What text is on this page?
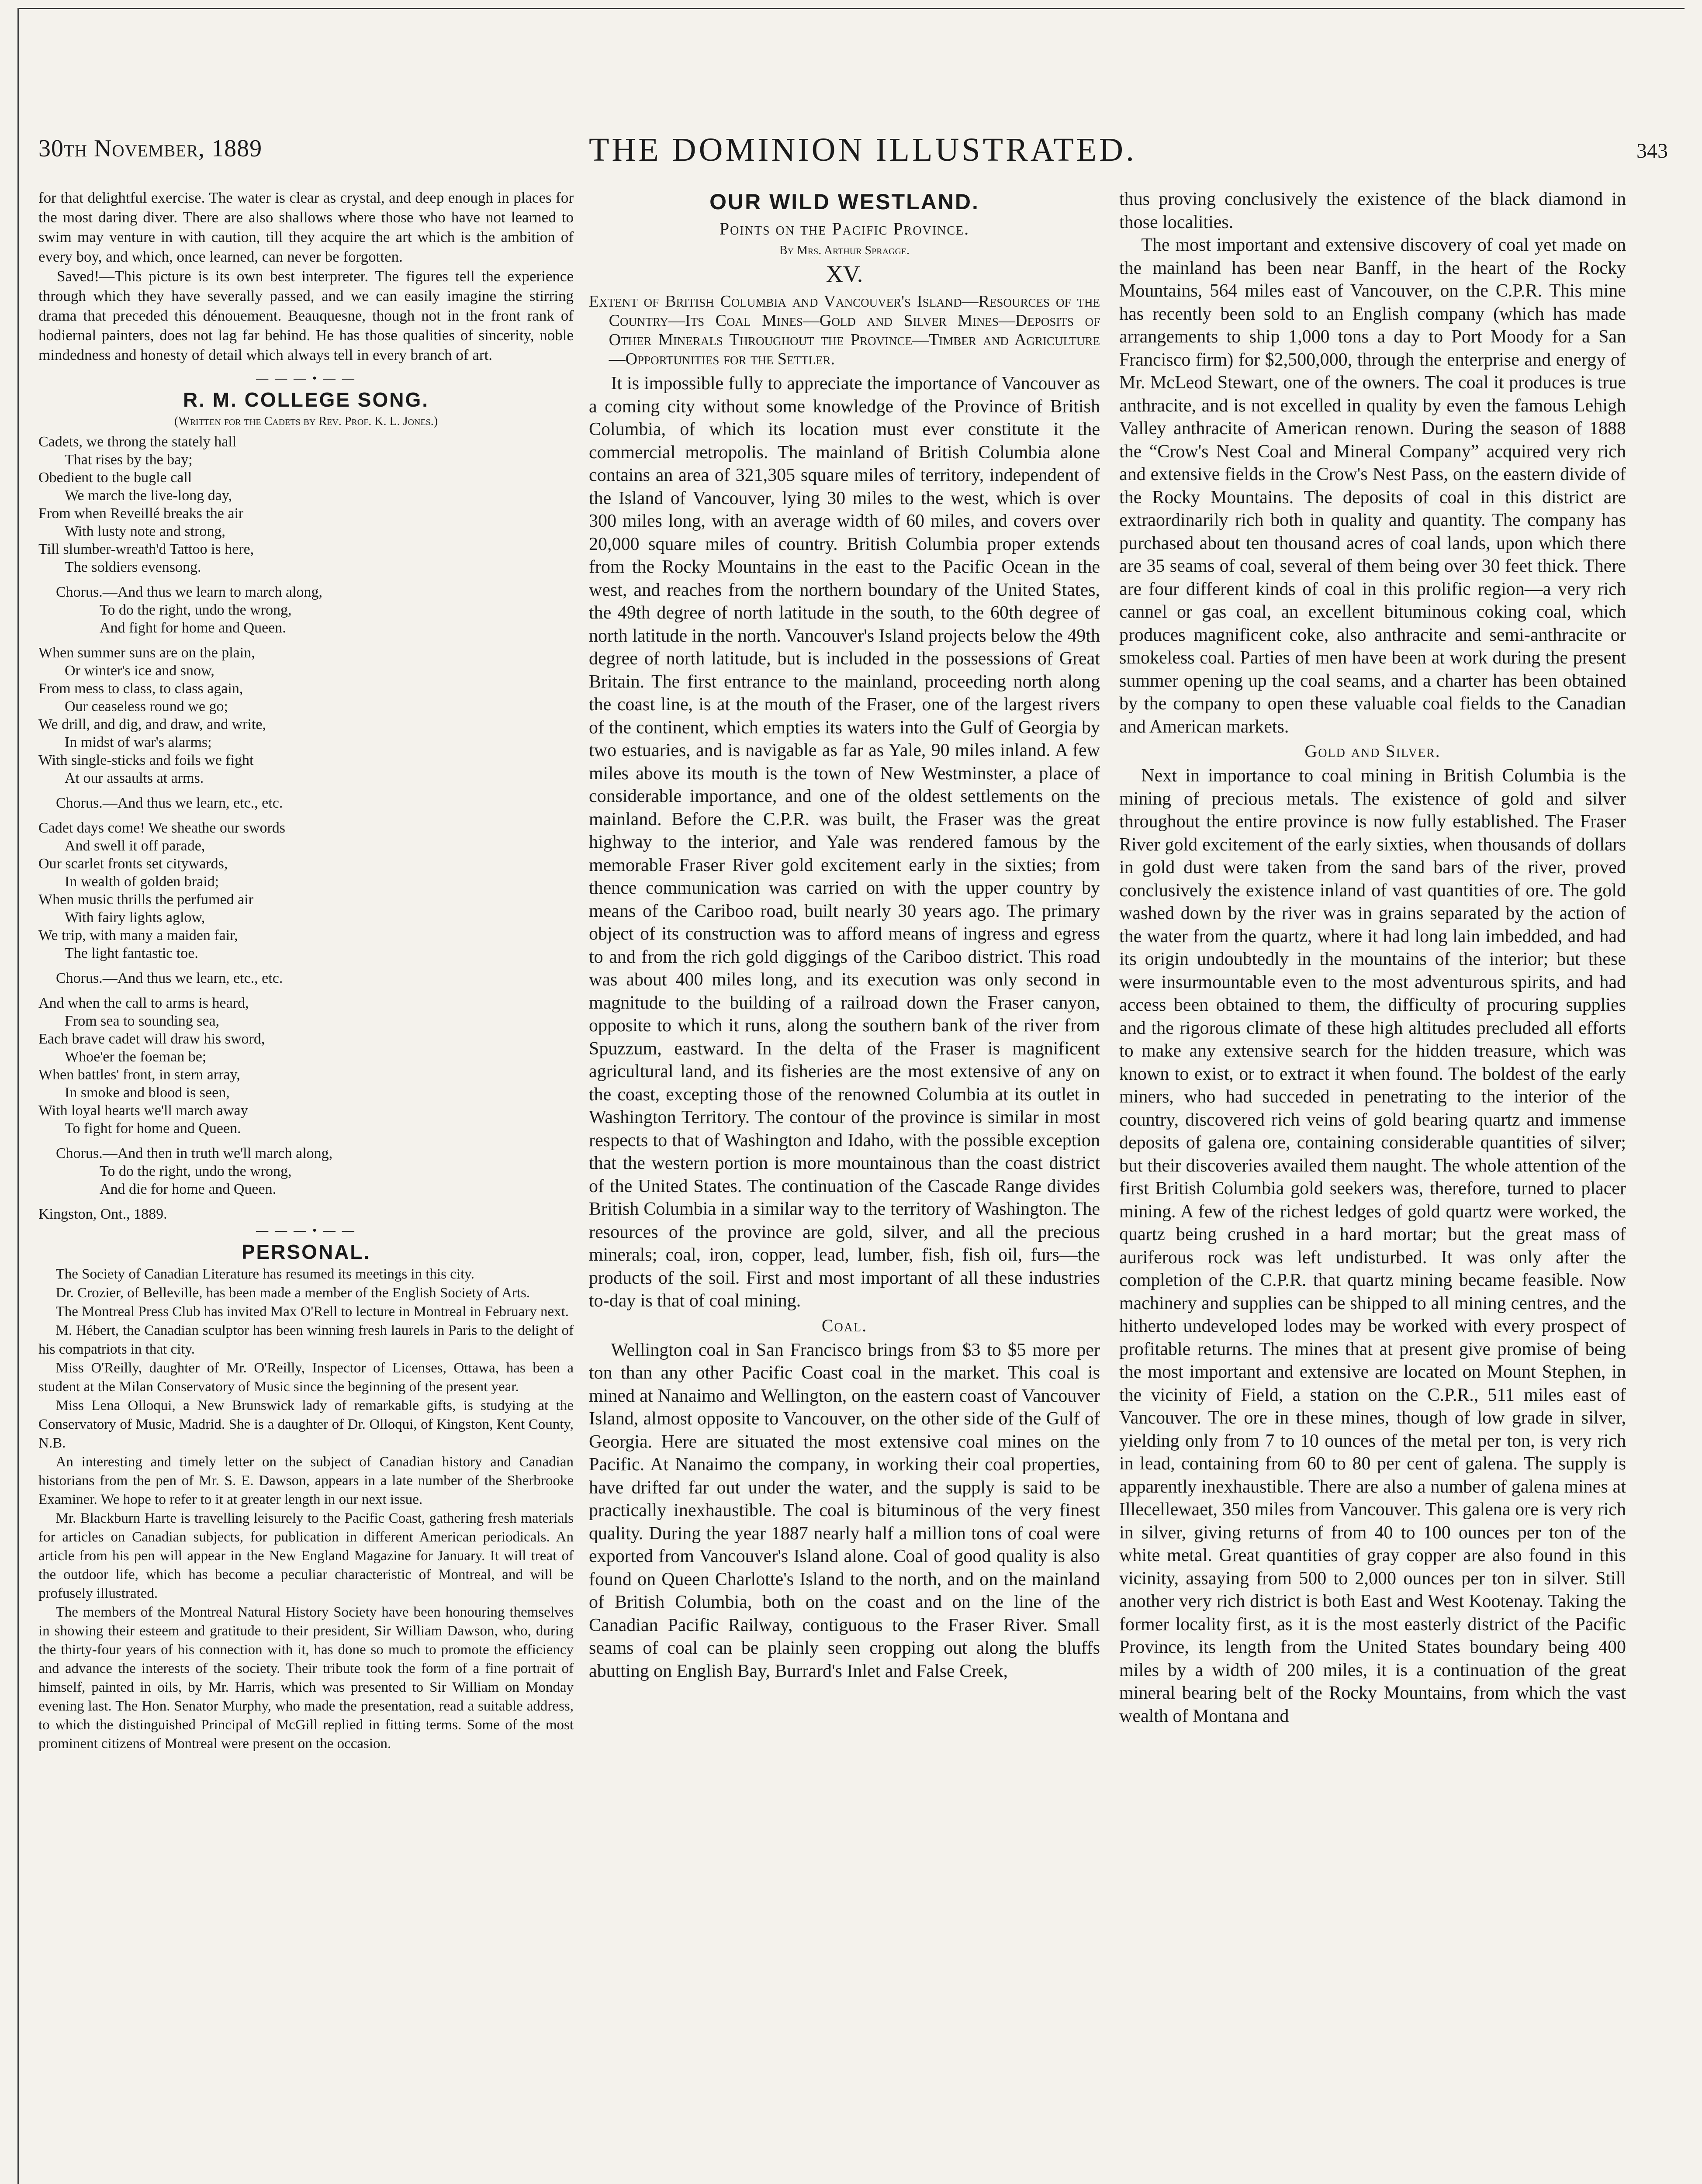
30th November, 1889	THE DOMINION ILLUSTRATED.	343

for that delightful exercise. The water is clear as crystal, and deep enough in places for the most daring diver. There are also shallows where those who have not learned to swim may venture in with caution, till they acquire the art which is the ambition of every boy, and which, once learned, can never be forgotten.

Saved!—This picture is its own best interpreter. The figures tell the experience through which they have severally passed, and we can easily imagine the stirring drama that preceded this dénouement. Beauquesne, though not in the front rank of hodiernal painters, does not lag far behind. He has those qualities of sincerity, noble mindedness and honesty of detail which always tell in every branch of art.

— — — • — —
R. M. COLLEGE SONG.
(Written for the Cadets by Rev. Prof. K. L. Jones.)
Cadets, we throng the stately hall
That rises by the bay;
Obedient to the bugle call
We march the live-long day,
From when Reveillé breaks the air
With lusty note and strong,
Till slumber-wreath'd Tattoo is here,
The soldiers evensong.
Chorus.—And thus we learn to march along,
To do the right, undo the wrong,
And fight for home and Queen.
When summer suns are on the plain,
Or winter's ice and snow,
From mess to class, to class again,
Our ceaseless round we go;
We drill, and dig, and draw, and write,
In midst of war's alarms;
With single-sticks and foils we fight
At our assaults at arms.
Chorus.—And thus we learn, etc., etc.
Cadet days come! We sheathe our swords
And swell it off parade,
Our scarlet fronts set citywards,
In wealth of golden braid;
When music thrills the perfumed air
With fairy lights aglow,
We trip, with many a maiden fair,
The light fantastic toe.
Chorus.—And thus we learn, etc., etc.
And when the call to arms is heard,
From sea to sounding sea,
Each brave cadet will draw his sword,
Whoe'er the foeman be;
When battles' front, in stern array,
In smoke and blood is seen,
With loyal hearts we'll march away
To fight for home and Queen.
Chorus.—And then in truth we'll march along,
To do the right, undo the wrong,
And die for home and Queen.
Kingston, Ont., 1889.
— — — • — —
PERSONAL.

The Society of Canadian Literature has resumed its meetings in this city.

Dr. Crozier, of Belleville, has been made a member of the English Society of Arts.

The Montreal Press Club has invited Max O'Rell to lecture in Montreal in February next.

M. Hébert, the Canadian sculptor has been winning fresh laurels in Paris to the delight of his compatriots in that city.

Miss O'Reilly, daughter of Mr. O'Reilly, Inspector of Licenses, Ottawa, has been a student at the Milan Conservatory of Music since the beginning of the present year.

Miss Lena Olloqui, a New Brunswick lady of remarkable gifts, is studying at the Conservatory of Music, Madrid. She is a daughter of Dr. Olloqui, of Kingston, Kent County, N.B.

An interesting and timely letter on the subject of Canadian history and Canadian historians from the pen of Mr. S. E. Dawson, appears in a late number of the Sherbrooke Examiner. We hope to refer to it at greater length in our next issue.

Mr. Blackburn Harte is travelling leisurely to the Pacific Coast, gathering fresh materials for articles on Canadian subjects, for publication in different American periodicals. An article from his pen will appear in the New England Magazine for January. It will treat of the outdoor life, which has become a peculiar characteristic of Montreal, and will be profusely illustrated.

The members of the Montreal Natural History Society have been honouring themselves in showing their esteem and gratitude to their president, Sir William Dawson, who, during the thirty-four years of his connection with it, has done so much to promote the efficiency and advance the interests of the society. Their tribute took the form of a fine portrait of himself, painted in oils, by Mr. Harris, which was presented to Sir William on Monday evening last. The Hon. Senator Murphy, who made the presentation, read a suitable address, to which the distinguished Principal of McGill replied in fitting terms. Some of the most prominent citizens of Montreal were present on the occasion.

OUR WILD WESTLAND.
Points on the Pacific Province.
By Mrs. Arthur Spragge.
XV.
Extent of British Columbia and Vancouver's Island—Resources of the Country—Its Coal Mines—Gold and Silver Mines—Deposits of Other Minerals Throughout the Province—Timber and Agriculture—Opportunities for the Settler.

It is impossible fully to appreciate the importance of Vancouver as a coming city without some knowledge of the Province of British Columbia, of which its location must ever constitute it the commercial metropolis. The mainland of British Columbia alone contains an area of 321,305 square miles of territory, independent of the Island of Vancouver, lying 30 miles to the west, which is over 300 miles long, with an average width of 60 miles, and covers over 20,000 square miles of country. British Columbia proper extends from the Rocky Mountains in the east to the Pacific Ocean in the west, and reaches from the northern boundary of the United States, the 49th degree of north latitude in the south, to the 60th degree of north latitude in the north. Vancouver's Island projects below the 49th degree of north latitude, but is included in the possessions of Great Britain. The first entrance to the mainland, proceeding north along the coast line, is at the mouth of the Fraser, one of the largest rivers of the continent, which empties its waters into the Gulf of Georgia by two estuaries, and is navigable as far as Yale, 90 miles inland. A few miles above its mouth is the town of New Westminster, a place of considerable importance, and one of the oldest settlements on the mainland. Before the C.P.R. was built, the Fraser was the great highway to the interior, and Yale was rendered famous by the memorable Fraser River gold excitement early in the sixties; from thence communication was carried on with the upper country by means of the Cariboo road, built nearly 30 years ago. The primary object of its construction was to afford means of ingress and egress to and from the rich gold diggings of the Cariboo district. This road was about 400 miles long, and its execution was only second in magnitude to the building of a railroad down the Fraser canyon, opposite to which it runs, along the southern bank of the river from Spuzzum, eastward. In the delta of the Fraser is magnificent agricultural land, and its fisheries are the most extensive of any on the coast, excepting those of the renowned Columbia at its outlet in Washington Territory. The contour of the province is similar in most respects to that of Washington and Idaho, with the possible exception that the western portion is more mountainous than the coast district of the United States. The continuation of the Cascade Range divides British Columbia in a similar way to the territory of Washington. The resources of the province are gold, silver, and all the precious minerals; coal, iron, copper, lead, lumber, fish, fish oil, furs—the products of the soil. First and most important of all these industries to-day is that of coal mining.

Coal.

Wellington coal in San Francisco brings from $3 to $5 more per ton than any other Pacific Coast coal in the market. This coal is mined at Nanaimo and Wellington, on the eastern coast of Vancouver Island, almost opposite to Vancouver, on the other side of the Gulf of Georgia. Here are situated the most extensive coal mines on the Pacific. At Nanaimo the company, in working their coal properties, have drifted far out under the water, and the supply is said to be practically inexhaustible. The coal is bituminous of the very finest quality. During the year 1887 nearly half a million tons of coal were exported from Vancouver's Island alone. Coal of good quality is also found on Queen Charlotte's Island to the north, and on the mainland of British Columbia, both on the coast and on the line of the Canadian Pacific Railway, contiguous to the Fraser River. Small seams of coal can be plainly seen cropping out along the bluffs abutting on English Bay, Burrard's Inlet and False Creek,

thus proving conclusively the existence of the black diamond in those localities.

The most important and extensive discovery of coal yet made on the mainland has been near Banff, in the heart of the Rocky Mountains, 564 miles east of Vancouver, on the C.P.R. This mine has recently been sold to an English company (which has made arrangements to ship 1,000 tons a day to Port Moody for a San Francisco firm) for $2,500,000, through the enterprise and energy of Mr. McLeod Stewart, one of the owners. The coal it produces is true anthracite, and is not excelled in quality by even the famous Lehigh Valley anthracite of American renown. During the season of 1888 the “Crow's Nest Coal and Mineral Company” acquired very rich and extensive fields in the Crow's Nest Pass, on the eastern divide of the Rocky Mountains. The deposits of coal in this district are extraordinarily rich both in quality and quantity. The company has purchased about ten thousand acres of coal lands, upon which there are 35 seams of coal, several of them being over 30 feet thick. There are four different kinds of coal in this prolific region—a very rich cannel or gas coal, an excellent bituminous coking coal, which produces magnificent coke, also anthracite and semi-anthracite or smokeless coal. Parties of men have been at work during the present summer opening up the coal seams, and a charter has been obtained by the company to open these valuable coal fields to the Canadian and American markets.

Gold and Silver.

Next in importance to coal mining in British Columbia is the mining of precious metals. The existence of gold and silver throughout the entire province is now fully established. The Fraser River gold excitement of the early sixties, when thousands of dollars in gold dust were taken from the sand bars of the river, proved conclusively the existence inland of vast quantities of ore. The gold washed down by the river was in grains separated by the action of the water from the quartz, where it had long lain imbedded, and had its origin undoubtedly in the mountains of the interior; but these were insurmountable even to the most adventurous spirits, and had access been obtained to them, the difficulty of procuring supplies and the rigorous climate of these high altitudes precluded all efforts to make any extensive search for the hidden treasure, which was known to exist, or to extract it when found. The boldest of the early miners, who had succeded in penetrating to the interior of the country, discovered rich veins of gold bearing quartz and immense deposits of galena ore, containing considerable quantities of silver; but their discoveries availed them naught. The whole attention of the first British Columbia gold seekers was, therefore, turned to placer mining. A few of the richest ledges of gold quartz were worked, the quartz being crushed in a hard mortar; but the great mass of auriferous rock was left undisturbed. It was only after the completion of the C.P.R. that quartz mining became feasible. Now machinery and supplies can be shipped to all mining centres, and the hitherto undeveloped lodes may be worked with every prospect of profitable returns. The mines that at present give promise of being the most important and extensive are located on Mount Stephen, in the vicinity of Field, a station on the C.P.R., 511 miles east of Vancouver. The ore in these mines, though of low grade in silver, yielding only from 7 to 10 ounces of the metal per ton, is very rich in lead, containing from 60 to 80 per cent of galena. The supply is apparently inexhaustible. There are also a number of galena mines at Illecellewaet, 350 miles from Vancouver. This galena ore is very rich in silver, giving returns of from 40 to 100 ounces per ton of the white metal. Great quantities of gray copper are also found in this vicinity, assaying from 500 to 2,000 ounces per ton in silver. Still another very rich district is both East and West Kootenay. Taking the former locality first, as it is the most easterly district of the Pacific Province, its length from the United States boundary being 400 miles by a width of 200 miles, it is a continuation of the great mineral bearing belt of the Rocky Mountains, from which the vast wealth of Montana and
